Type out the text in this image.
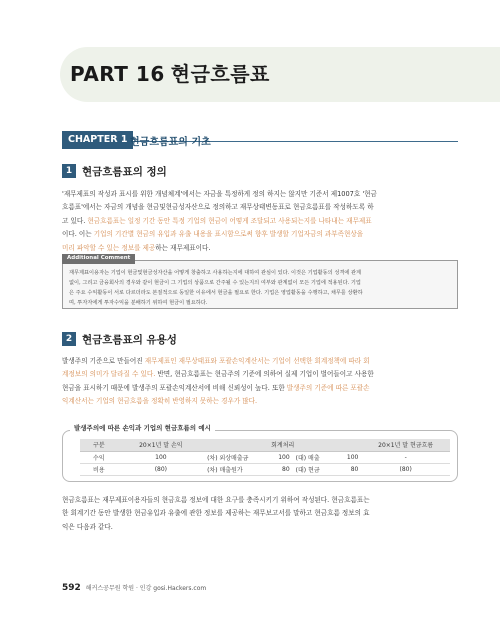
PART 16 현금흐름표
CHAPTER 1 현금흐름표의 기초
1 현금흐름표의 정의
'재무제표의 작성과 표시를 위한 개념체계'에서는 자금을 특정하게 정의 하지는 않지만 기준서 제1007호 '현금
흐름표'에서는 자금의 개념을 현금및현금성자산으로 정의하고 재무상태변동표로 현금흐름표를 작성하도록 하
고 있다. 현금흐름표는 일정 기간 동안 특정 기업의 현금이 어떻게 조달되고 사용되는지를 나타내는 재무제표
이다. 이는 기업의 기간별 현금의 유입과 유출 내용을 표시함으로써 향후 발생할 기업자금의 과부족현상을
미리 파악할 수 있는 정보를 제공하는 재무제표이다.
Additional Comment
재무제표이용자는 기업이 현금및현금성자산을 어떻게 창출하고 사용하는지에 대하여 관심이 있다. 이것은 기업활동의 성격에 관계
없이, 그리고 금융회사의 경우와 같이 현금이 그 기업의 상품으로 간주될 수 있는지의 여부와 관계없이 모든 기업에 적용된다. 기업
은 주요 수익활동이 서로 다르더라도 본질적으로 동일한 이유에서 현금을 필요로 한다. 기업은 영업활동을 수행하고, 채무를 상환하
며, 투자자에게 투자수익을 분배하기 위하여 현금이 필요하다.
2 현금흐름표의 유용성
발생주의 기준으로 만들어진 재무제표인 재무상태표와 포괄손익계산서는 기업이 선택한 회계정책에 따라 회
계정보의 의미가 달라질 수 있다. 반면, 현금흐름표는 현금주의 기준에 의하여 실제 기업이 벌어들이고 사용한
현금을 표시하기 때문에 발생주의 포괄손익계산서에 비해 신뢰성이 높다. 또한 발생주의 기준에 따른 포괄손
익계산서는 기업의 현금흐름을 정확히 반영하지 못하는 경우가 많다.
발생주의에 따른 손익과 기업의 현금흐름의 예시
구분	20×1년 말 손익	회계처리				20×1년 말 현금흐름
수익	100	(차) 외상매출금	100	(대) 매출	100	-
비용	(80)	(차) 매출원가	80	(대) 현금	80	(80)
현금흐름표는 재무제표이용자들의 현금흐름 정보에 대한 요구를 충족시키기 위하여 작성된다. 현금흐름표는
한 회계기간 동안 발생한 현금유입과 유출에 관한 정보를 제공하는 재무보고서를 말하고 현금흐름 정보의 효
익은 다음과 같다.
592 해커스공무원 학원 · 인강 gosi.Hackers.com
